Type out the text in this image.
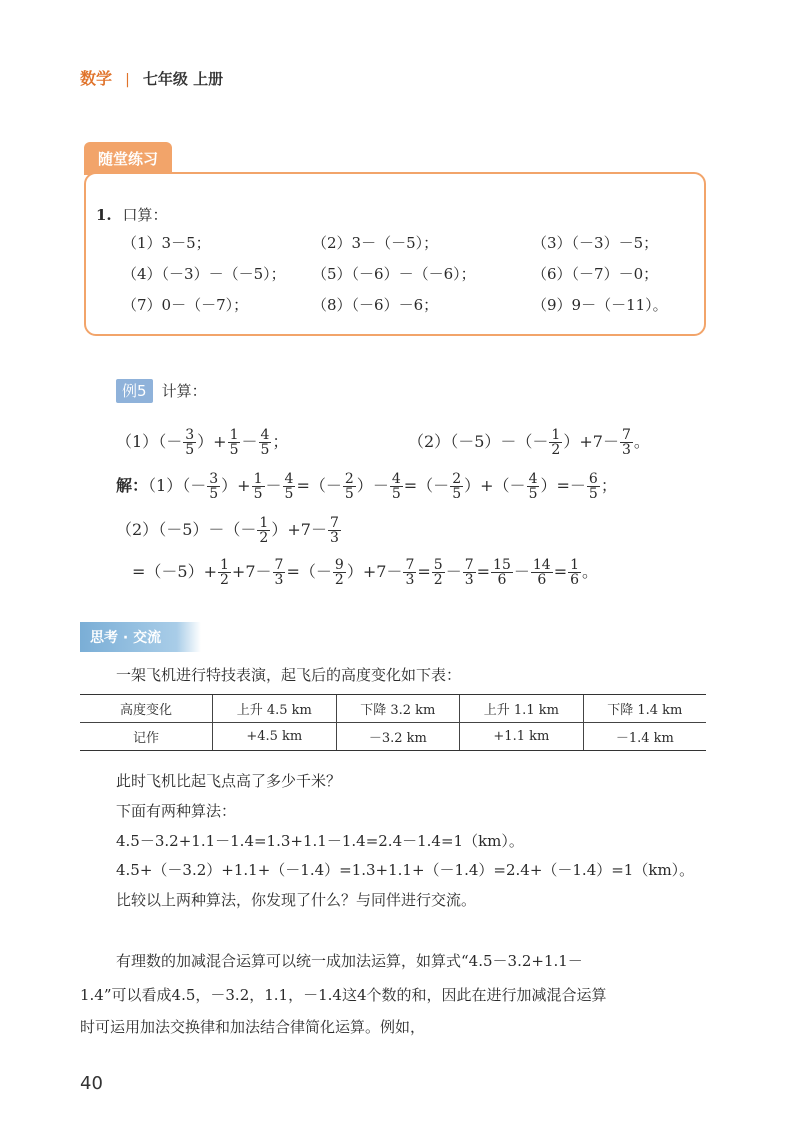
数学 | 七年级 上册
随堂练习
1. 口算：
（1）3－5；	（2）3－（－5）；	（3）（－3）－5；
（4）（－3）－（－5）； （5）（－6）－（－6）；	（6）（－7）－0；
（7）0－（－7）；	（8）（－6）－6；	（9）9－（－11）。
例5 计算：
$(1)(- \frac{3}{5}$ ）+ $\frac{1}{5} - \frac{4}{5}$ ；	$(2)(-5)-(- \frac{1}{2} )+7- \frac{7}{3}$ 。
解：$(1)(- \frac{3}{5}$ ）+ $\frac{1}{5} - \frac{4}{5}$ =（－ $\frac{2}{5}$ ）－ $\frac{4}{5}$ =（－ $\frac{2}{5}$ ）+（－ $\frac{4}{5}$ ）=－ $\frac{6}{5}$ ；
$(2)(-5)-(- \frac{1}{2} )+7- \frac{7}{3}$
$=(-5)+ \frac{1}{2} +7- \frac{7}{3}$ =（－ $\frac{9}{2} )+7- \frac{7}{3} = \frac{5}{2} - \frac{7}{3} = \frac{15}{6} - \frac{14}{6} = \frac{1}{6}$ 。
思考 · 交流
一架飞机进行特技表演，起飞后的高度变化如下表：
高度变化	上升 4.5 km	下降 3.2 km	上升 1.1 km	下降 1.4 km
记作	+4.5 km	－3.2 km	+1.1 km	－1.4 km
此时飞机比起飞点高了多少千米？
下面有两种算法：
4.5－3.2+1.1－1.4=1.3+1.1－1.4=2.4－1.4=1（km）。
4.5+（－3.2）+1.1+（－1.4）=1.3+1.1+（－1.4）=2.4+（－1.4）=1（km）。
比较以上两种算法，你发现了什么？与同伴进行交流。
有理数的加减混合运算可以统一成加法运算，如算式“4.5－3.2+1.1－
1.4”可以看成4.5，－3.2，1.1，－1.4这4个数的和，因此在进行加减混合运算
时可运用加法交换律和加法结合律简化运算。例如，
40
